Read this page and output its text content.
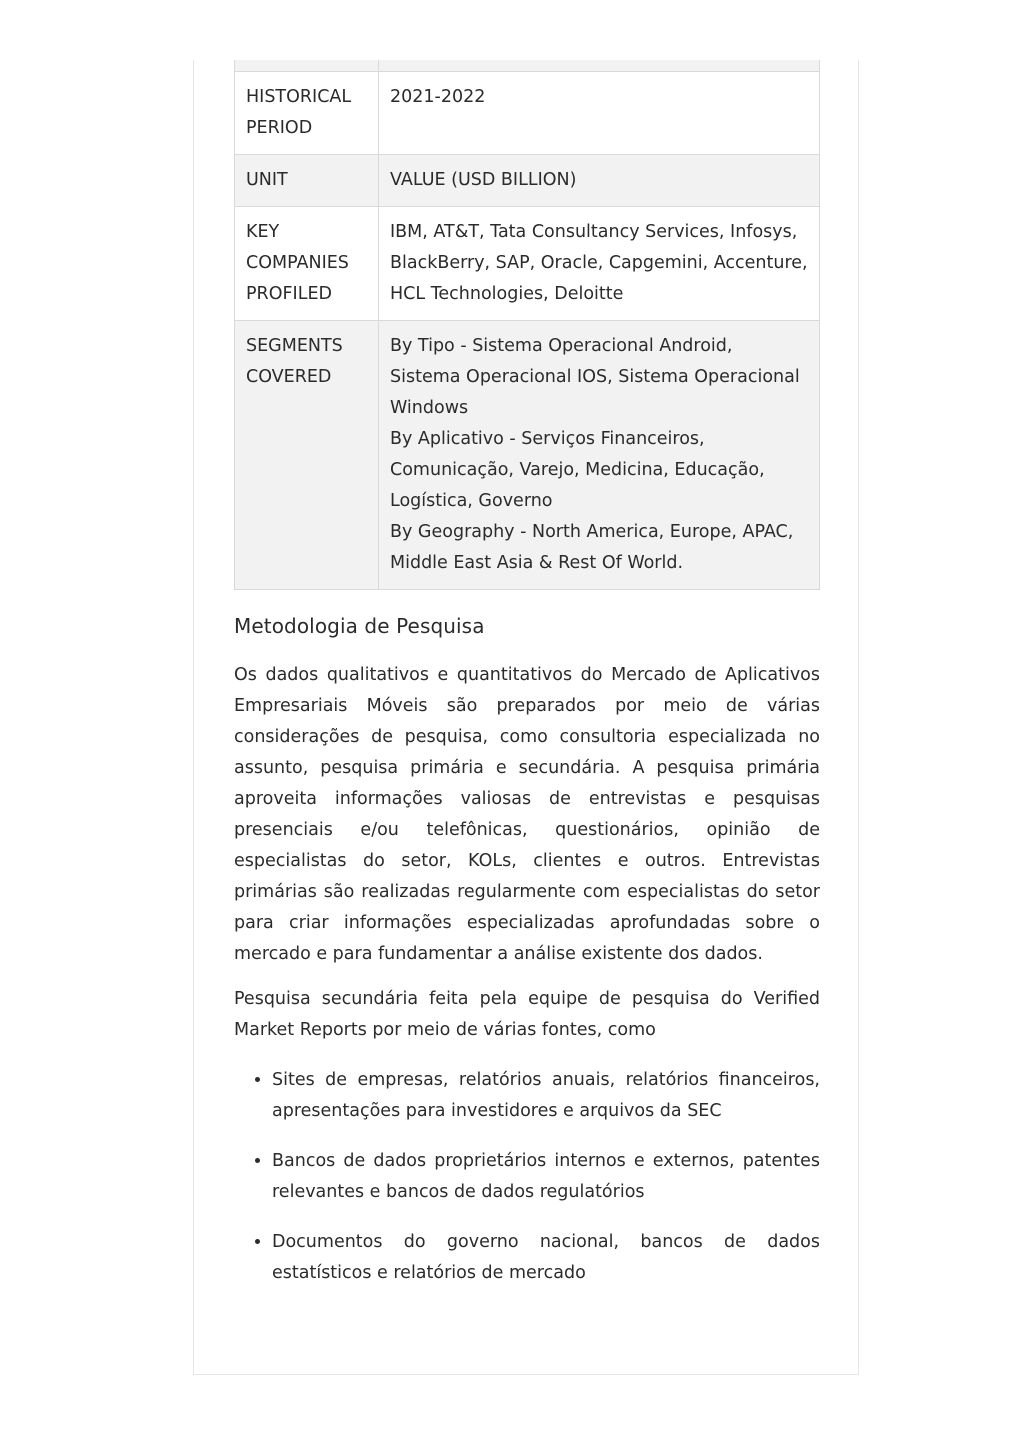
HISTORICAL PERIOD	2021-2022
UNIT	VALUE (USD BILLION)
KEY COMPANIES PROFILED	IBM, AT&T, Tata Consultancy Services, Infosys, BlackBerry, SAP, Oracle, Capgemini, Accenture, HCL Technologies, Deloitte
SEGMENTS COVERED	By Tipo - Sistema Operacional Android, Sistema Operacional IOS, Sistema Operacional Windows
By Aplicativo - Serviços Financeiros, Comunicação, Varejo, Medicina, Educação, Logística, Governo
By Geography - North America, Europe, APAC, Middle East Asia & Rest Of World.
Metodologia de Pesquisa

Os dados qualitativos e quantitativos do Mercado de Aplicativos Empresariais Móveis são preparados por meio de várias considerações de pesquisa, como consultoria especializada no assunto, pesquisa primária e secundária. A pesquisa primária aproveita informações valiosas de entrevistas e pesquisas presenciais e/ou telefônicas, questionários, opinião de especialistas do setor, KOLs, clientes e outros. Entrevistas primárias são realizadas regularmente com especialistas do setor para criar informações especializadas aprofundadas sobre o mercado e para fundamentar a análise existente dos dados.

Pesquisa secundária feita pela equipe de pesquisa do Verified Market Reports por meio de várias fontes, como

• Sites de empresas, relatórios anuais, relatórios financeiros, apresentações para investidores e arquivos da SEC
• Bancos de dados proprietários internos e externos, patentes relevantes e bancos de dados regulatórios
• Documentos do governo nacional, bancos de dados estatísticos e relatórios de mercado
